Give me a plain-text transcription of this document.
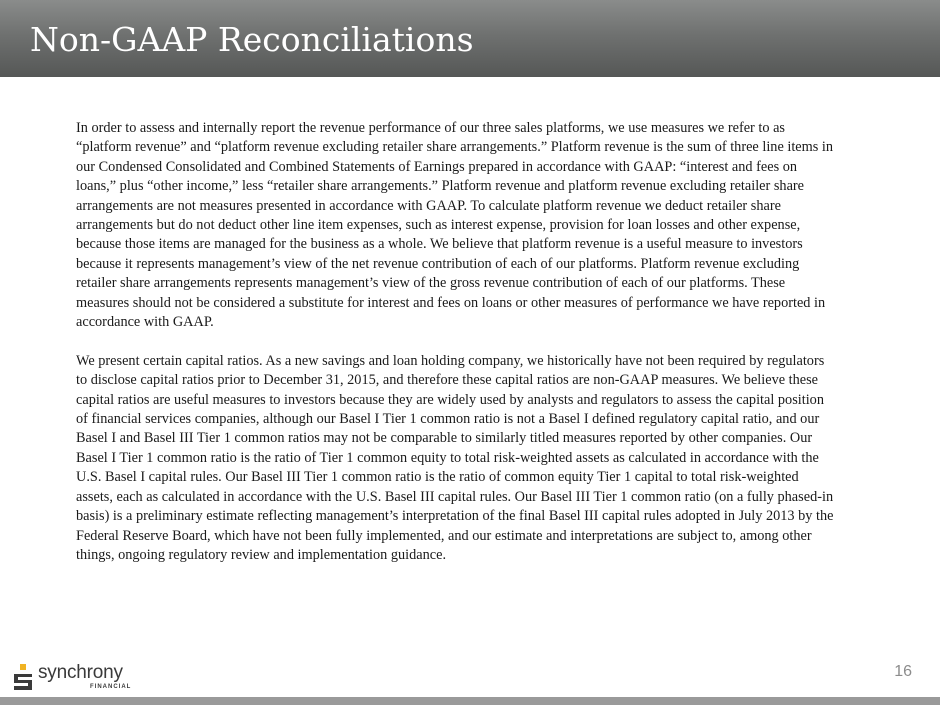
Non-GAAP Reconciliations

In order to assess and internally report the revenue performance of our three sales platforms, we use measures we refer to as “platform revenue” and “platform revenue excluding retailer share arrangements.” Platform revenue is the sum of three line items in our Condensed Consolidated and Combined Statements of Earnings prepared in accordance with GAAP: “interest and fees on loans,” plus “other income,” less “retailer share arrangements.” Platform revenue and platform revenue excluding retailer share arrangements are not measures presented in accordance with GAAP. To calculate platform revenue we deduct retailer share arrangements but do not deduct other line item expenses, such as interest expense, provision for loan losses and other expense, because those items are managed for the business as a whole. We believe that platform revenue is a useful measure to investors because it represents management’s view of the net revenue contribution of each of our platforms. Platform revenue excluding retailer share arrangements represents management’s view of the gross revenue contribution of each of our platforms. These measures should not be considered a substitute for interest and fees on loans or other measures of performance we have reported in accordance with GAAP.

We present certain capital ratios. As a new savings and loan holding company, we historically have not been required by regulators to disclose capital ratios prior to December 31, 2015, and therefore these capital ratios are non-GAAP measures. We believe these capital ratios are useful measures to investors because they are widely used by analysts and regulators to assess the capital position of financial services companies, although our Basel I Tier 1 common ratio is not a Basel I defined regulatory capital ratio, and our Basel I and Basel III Tier 1 common ratios may not be comparable to similarly titled measures reported by other companies. Our Basel I Tier 1 common ratio is the ratio of Tier 1 common equity to total risk-weighted assets as calculated in accordance with the U.S. Basel I capital rules. Our Basel III Tier 1 common ratio is the ratio of common equity Tier 1 capital to total risk-weighted assets, each as calculated in accordance with the U.S. Basel III capital rules. Our Basel III Tier 1 common ratio (on a fully phased-in basis) is a preliminary estimate reflecting management’s interpretation of the final Basel III capital rules adopted in July 2013 by the Federal Reserve Board, which have not been fully implemented, and our estimate and interpretations are subject to, among other things, ongoing regulatory review and implementation guidance.

synchrony
FINANCIAL
16
